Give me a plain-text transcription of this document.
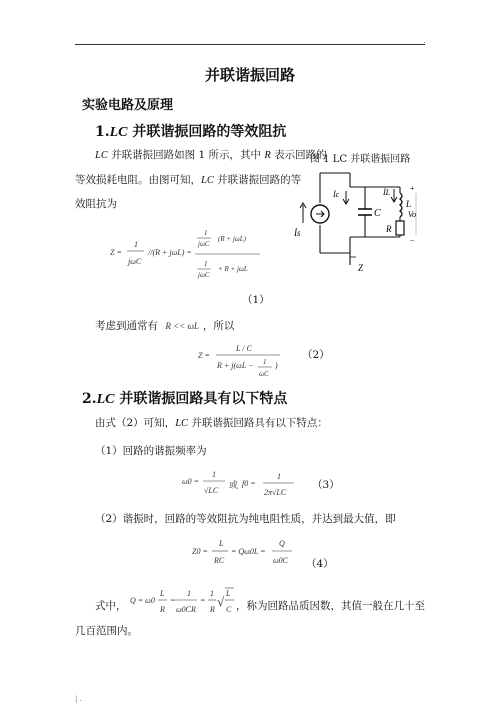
.
并联谐振回路
实验电路及原理
1.LC 并联谐振回路的等效阻抗
LC 并联谐振回路如图 1 所示，其中 R 表示回路的
等效损耗电阻。由图可知，LC 并联谐振回路的等
效阻抗为
图 1 LC 并联谐振回路
İs
İc	İL
C
L
R
Vo
+
−
Z
Z =
1
jωC
//(R + jωL) =
1
jωC
(R + jωL)
1
jωC
+ R + jωL
（1）
考虑到通常有 R << ωL ，所以
Z =
L / C
R + j(ωL − 1
ωC
)
（2）
2.LC 并联谐振回路具有以下特点
由式（2）可知，LC 并联谐振回路具有以下特点：
（1）回路的谐振频率为
ω0 =
1
√LC
或 f0 =
1
2π√LC
（3）
（2）谐振时，回路的等效阻抗为纯电阻性质，并达到最大值，即
Z0 =
L
RC
= Qω0L =
Q
ω0C （4）
式中， Q = ω0
L
R
=
1
ω0CR
=
1
R
√
L
C ，称为回路品质因数，其值一般在几十至
几百范围内。
| .
